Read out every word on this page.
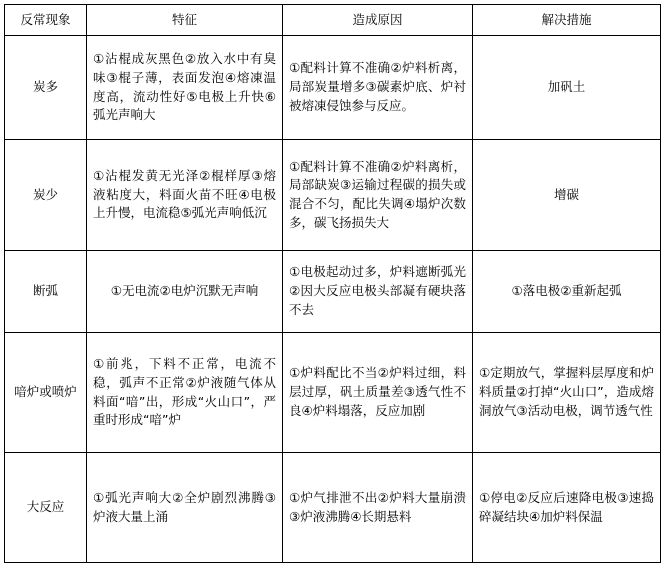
反常现象	特征	造成原因	解决措施
炭多	①沾棍成灰黑色②放入水中有臭味③棍子薄，表面发泡④熔凍温度高，流动性好⑤电极上升快⑥弧光声响大	①配料计算不准确②炉料析离，局部炭量增多③碳素炉底、炉衬被熔凍侵蚀参与反应。	加矾土
炭少	①沾棍发黄无光泽②棍样厚③熔液粘度大，料面火苗不旺④电极上升慢，电流稳⑤弧光声响低沉	①配料计算不准确②炉料离析，局部缺炭③运输过程碳的损失或混合不匀，配比失调④塌炉次数多，碳飞扬损失大	增碳
断弧	①无电流②电炉沉默无声响	①电极起动过多，炉料遮断弧光②因大反应电极头部凝有硬块落不去	①落电极②重新起弧
喑炉或喷炉	①前兆，下料不正常，电流不稳，弧声不正常②炉液随气体从料面“喑”出，形成“火山口”，严重时形成“喑”炉	①炉料配比不当②炉料过细，料层过厚，矾土质量差③透气性不良④炉料塌落，反应加剧	①定期放气，掌握料层厚度和炉料质量②打掉“火山口”，造成熔洞放气③活动电极，调节透气性
大反应	①弧光声响大②全炉剧烈沸腾③炉液大量上涌	①炉气排泄不出②炉料大量崩溃③炉液沸腾④长期悬料	①停电②反应后速降电极③速捣碎凝结块④加炉料保温
